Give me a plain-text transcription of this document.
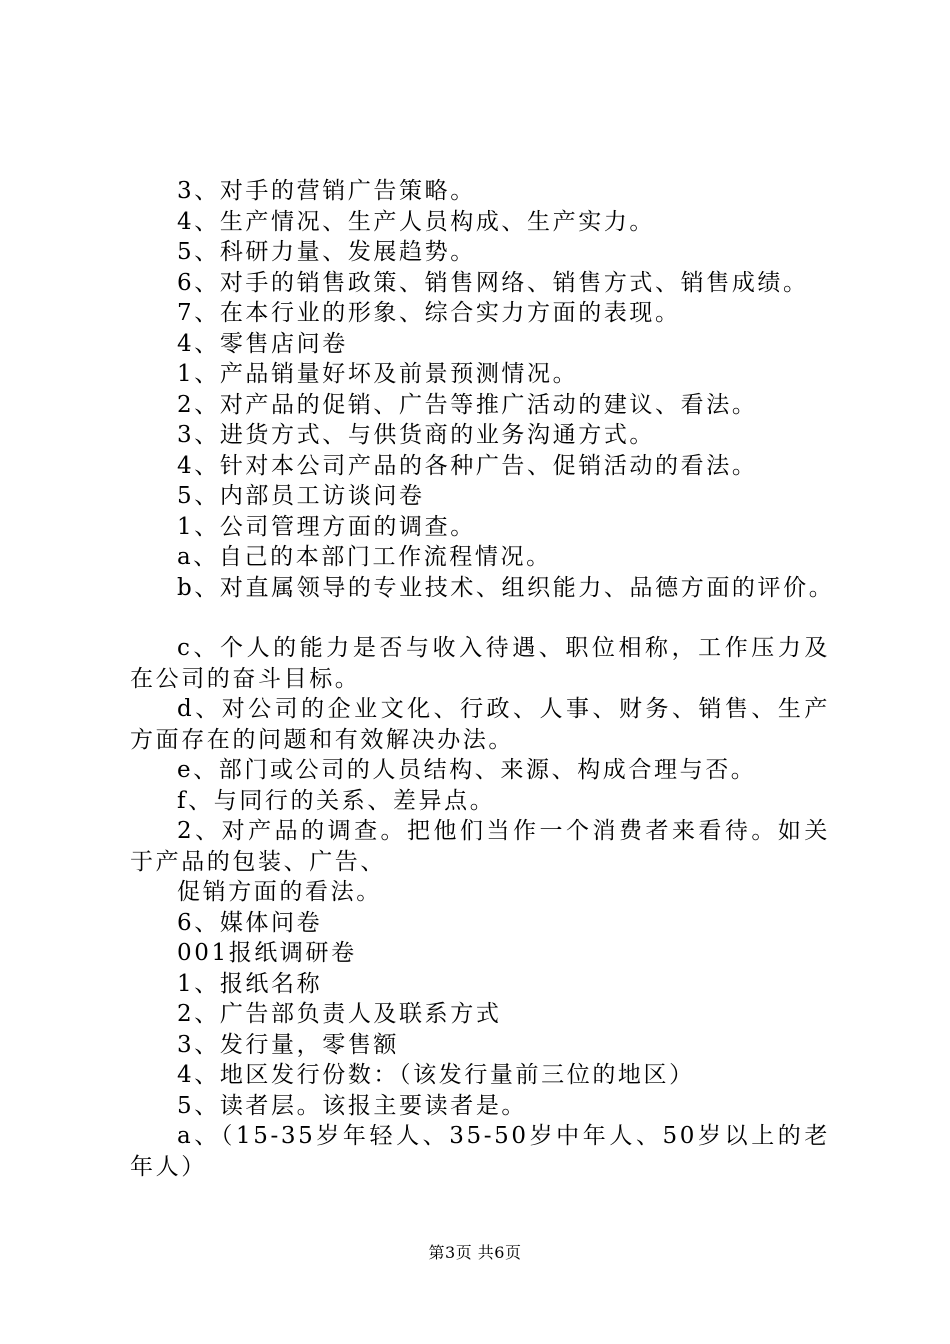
3、对手的营销广告策略。
4、生产情况、生产人员构成、生产实力。
5、科研力量、发展趋势。
6、对手的销售政策、销售网络、销售方式、销售成绩。
7、在本行业的形象、综合实力方面的表现。
4、零售店问卷
1、产品销量好坏及前景预测情况。
2、对产品的促销、广告等推广活动的建议、看法。
3、进货方式、与供货商的业务沟通方式。
4、针对本公司产品的各种广告、促销活动的看法。
5、内部员工访谈问卷
1、公司管理方面的调查。
a、自己的本部门工作流程情况。
b、对直属领导的专业技术、组织能力、品德方面的评价。
c、个人的能力是否与收入待遇、职位相称，工作压力及在公司的奋斗目标。
d、对公司的企业文化、行政、人事、财务、销售、生产方面存在的问题和有效解决办法。
e、部门或公司的人员结构、来源、构成合理与否。
f、与同行的关系、差异点。
2、对产品的调查。把他们当作一个消费者来看待。如关于产品的包装、广告、
促销方面的看法。
6、媒体问卷
001报纸调研卷
1、报纸名称
2、广告部负责人及联系方式
3、发行量，零售额
4、地区发行份数：（该发行量前三位的地区）
5、读者层。该报主要读者是。
a、（15-35岁年轻人、35-50岁中年人、50岁以上的老年人）
第3页 共6页
